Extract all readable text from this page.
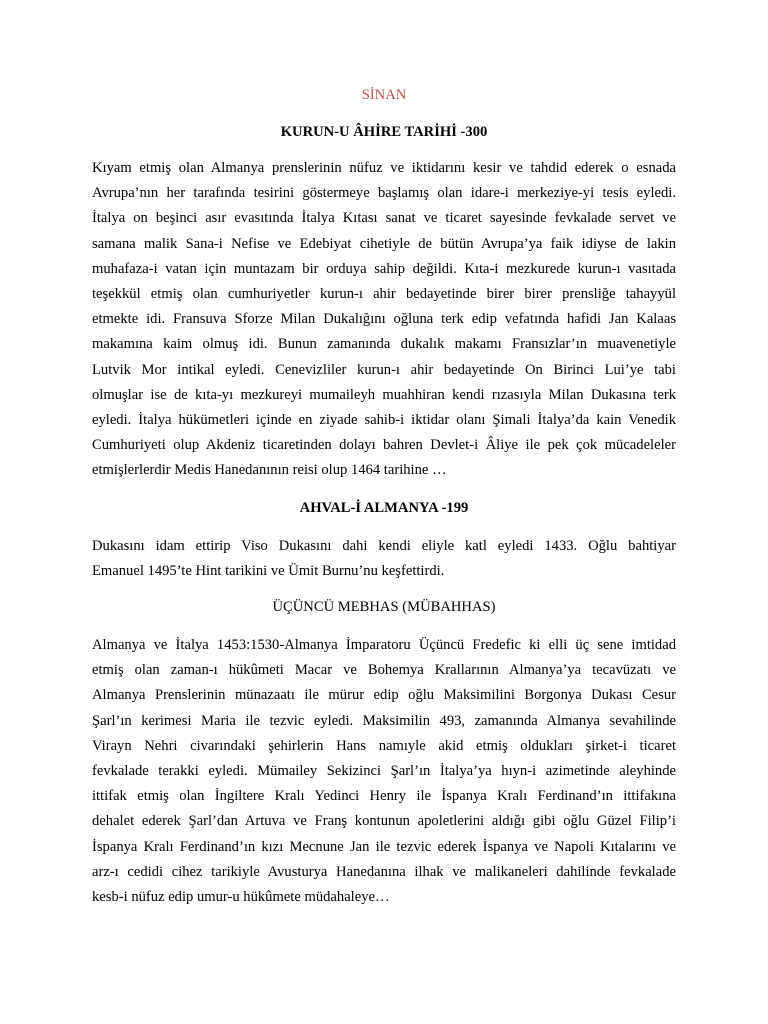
SİNAN
KURUN-U ÂHİRE TARİHİ -300
Kıyam etmiş olan Almanya prenslerinin nüfuz ve iktidarını kesir ve tahdid ederek o esnada
Avrupa’nın her tarafında tesirini göstermeye başlamış olan idare-i merkeziye-yi tesis eyledi.
İtalya on beşinci asır evasıtında İtalya Kıtası sanat ve ticaret sayesinde fevkalade servet ve
samana malik Sana-i Nefise ve Edebiyat cihetiyle de bütün Avrupa’ya faik idiyse de lakin
muhafaza-i vatan için muntazam bir orduya sahip değildi. Kıta-i mezkurede kurun-ı vasıtada
teşekkül etmiş olan cumhuriyetler kurun-ı ahir bedayetinde birer birer prensliğe tahayyül
etmekte idi. Fransuva Sforze Milan Dukalığını oğluna terk edip vefatında hafidi Jan Kalaas
makamına kaim olmuş idi. Bunun zamanında dukalık makamı Fransızlar’ın muavenetiyle
Lutvik Mor intikal eyledi. Cenevizliler kurun-ı ahir bedayetinde On Birinci Lui’ye tabi
olmuşlar ise de kıta-yı mezkureyi mumaileyh muahhiran kendi rızasıyla Milan Dukasına terk
eyledi. İtalya hükümetleri içinde en ziyade sahib-i iktidar olanı Şimali İtalya’da kain Venedik
Cumhuriyeti olup Akdeniz ticaretinden dolayı bahren Devlet-i Âliye ile pek çok mücadeleler
etmişlerlerdir Medis Hanedanının reisi olup 1464 tarihine …
AHVAL-İ ALMANYA -199
Dukasını idam ettirip Viso Dukasını dahi kendi eliyle katl eyledi 1433. Oğlu bahtiyar
Emanuel 1495’te Hint tarikini ve Ümit Burnu’nu keşfettirdi.
ÜÇÜNCÜ MEBHAS (MÜBAHHAS)
Almanya ve İtalya 1453:1530-Almanya İmparatoru Üçüncü Fredefic ki elli üç sene imtidad
etmiş olan zaman-ı hükûmeti Macar ve Bohemya Krallarının Almanya’ya tecavüzatı ve
Almanya Prenslerinin münazaatı ile mürur edip oğlu Maksimilini Borgonya Dukası Cesur
Şarl’ın kerimesi Maria ile tezvic eyledi. Maksimilin 493, zamanında Almanya sevahilinde
Virayn Nehri civarındaki şehirlerin Hans namıyle akid etmiş oldukları şirket-i ticaret
fevkalade terakki eyledi. Mümailey Sekizinci Şarl’ın İtalya’ya hıyn-i azimetinde aleyhinde
ittifak etmiş olan İngiltere Kralı Yedinci Henry ile İspanya Kralı Ferdinand’ın ittifakına
dehalet ederek Şarl’dan Artuva ve Franş kontunun apoletlerini aldığı gibi oğlu Güzel Filip’i
İspanya Kralı Ferdinand’ın kızı Mecnune Jan ile tezvic ederek İspanya ve Napoli Kıtalarını ve
arz-ı cedidi cihez tarikiyle Avusturya Hanedanına ilhak ve malikaneleri dahilinde fevkalade
kesb-i nüfuz edip umur-u hükûmete müdahaleye…
